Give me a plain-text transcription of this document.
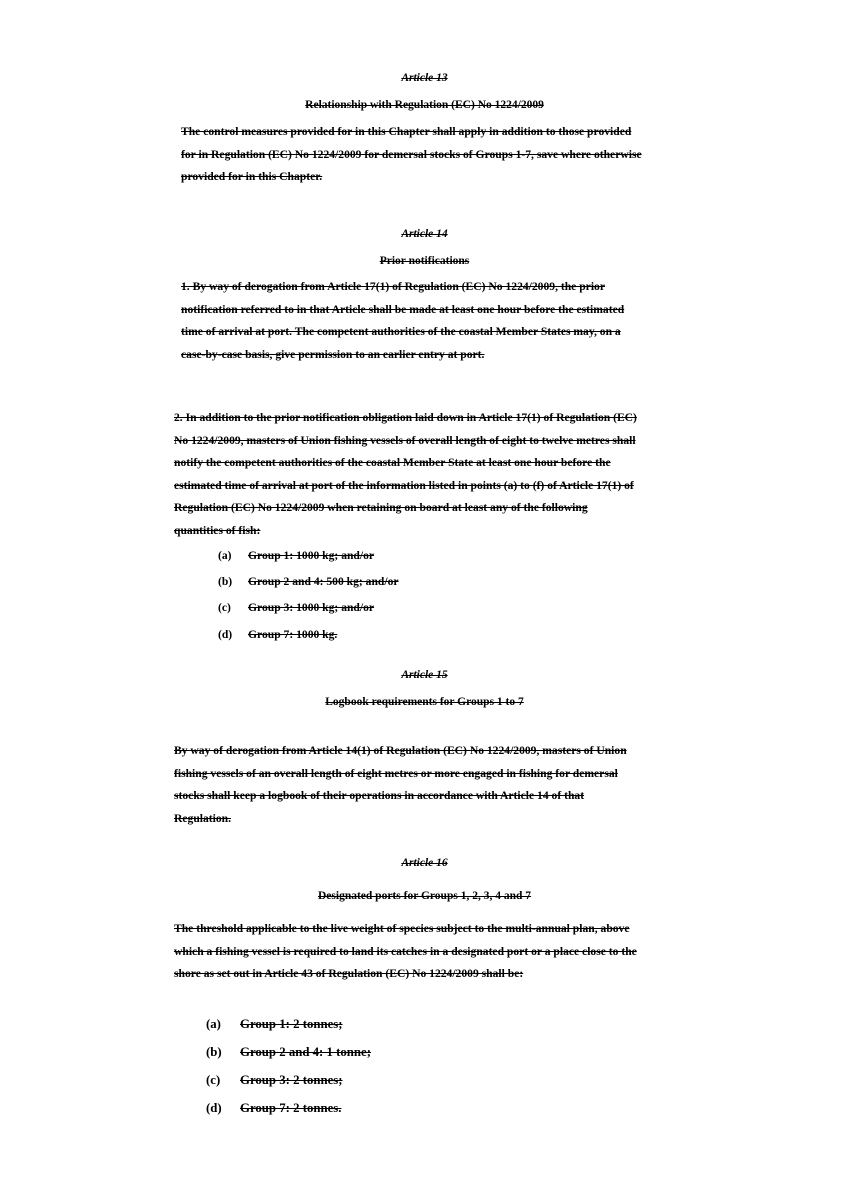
Article 13
Relationship with Regulation (EC) No 1224/2009
The control measures provided for in this Chapter shall apply in addition to those provided
for in Regulation (EC) No 1224/2009 for demersal stocks of Groups 1-7, save where otherwise
provided for in this Chapter.
Article 14
Prior notifications
1. By way of derogation from Article 17(1) of Regulation (EC) No 1224/2009, the prior
notification referred to in that Article shall be made at least one hour before the estimated
time of arrival at port. The competent authorities of the coastal Member States may, on a
case-by-case basis, give permission to an earlier entry at port.
2. In addition to the prior notification obligation laid down in Article 17(1) of Regulation (EC)
No 1224/2009, masters of Union fishing vessels of overall length of eight to twelve metres shall
notify the competent authorities of the coastal Member State at least one hour before the
estimated time of arrival at port of the information listed in points (a) to (f) of Article 17(1) of
Regulation (EC) No 1224/2009 when retaining on board at least any of the following
quantities of fish:
(a) Group 1: 1000 kg; and/or
(b) Group 2 and 4: 500 kg; and/or
(c) Group 3: 1000 kg; and/or
(d) Group 7: 1000 kg.
Article 15
Logbook requirements for Groups 1 to 7
By way of derogation from Article 14(1) of Regulation (EC) No 1224/2009, masters of Union
fishing vessels of an overall length of eight metres or more engaged in fishing for demersal
stocks shall keep a logbook of their operations in accordance with Article 14 of that
Regulation.
Article 16
Designated ports for Groups 1, 2, 3, 4 and 7
The threshold applicable to the live weight of species subject to the multi-annual plan, above
which a fishing vessel is required to land its catches in a designated port or a place close to the
shore as set out in Article 43 of Regulation (EC) No 1224/2009 shall be:
(a) Group 1: 2 tonnes;
(b) Group 2 and 4: 1 tonne;
(c) Group 3: 2 tonnes;
(d) Group 7: 2 tonnes.
